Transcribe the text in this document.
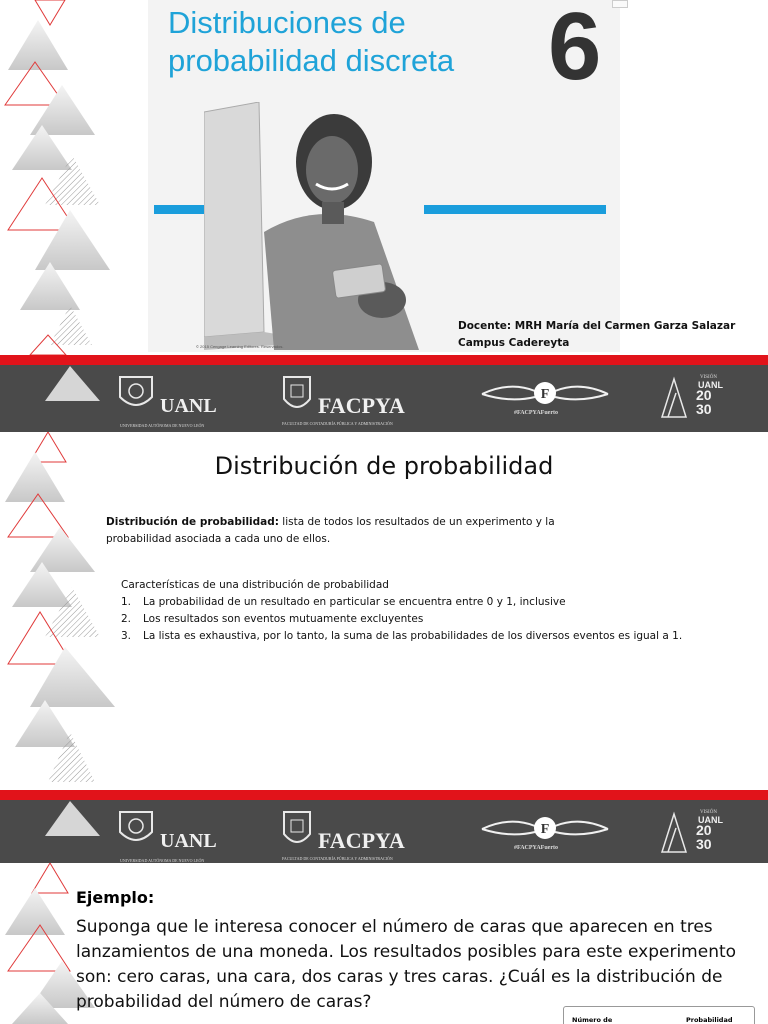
Distribuciones de probabilidad discreta 6
© 2015 Cengage Learning Editores. Reservados.
Docente: MRH María del Carmen Garza Salazar
Campus Cadereyta
UANL
UNIVERSIDAD AUTÓNOMA DE NUEVO LEÓN
FACPYA
FACULTAD DE CONTADURÍA PÚBLICA Y ADMINISTRACIÓN
F
#FACPYAFuerto
VISIÓN
UANL
20
30
Distribución de probabilidad
Distribución de probabilidad: lista de todos los resultados de un experimento y la probabilidad asociada a cada uno de ellos.
Características de una distribución de probabilidad
1. La probabilidad de un resultado en particular se encuentra entre 0 y 1, inclusive
2. Los resultados son eventos mutuamente excluyentes
3. La lista es exhaustiva, por lo tanto, la suma de las probabilidades de los diversos eventos es igual a 1.
UANL
UNIVERSIDAD AUTÓNOMA DE NUEVO LEÓN
FACPYA
FACULTAD DE CONTADURÍA PÚBLICA Y ADMINISTRACIÓN
F
#FACPYAFuerto
VISIÓN
UANL
20
30
Ejemplo:
Suponga que le interesa conocer el número de caras que aparecen en tres lanzamientos de una moneda. Los resultados posibles para este experimento son: cero caras, una cara, dos caras y tres caras. ¿Cuál es la distribución de probabilidad del número de caras?
Número de	Probabilidad
